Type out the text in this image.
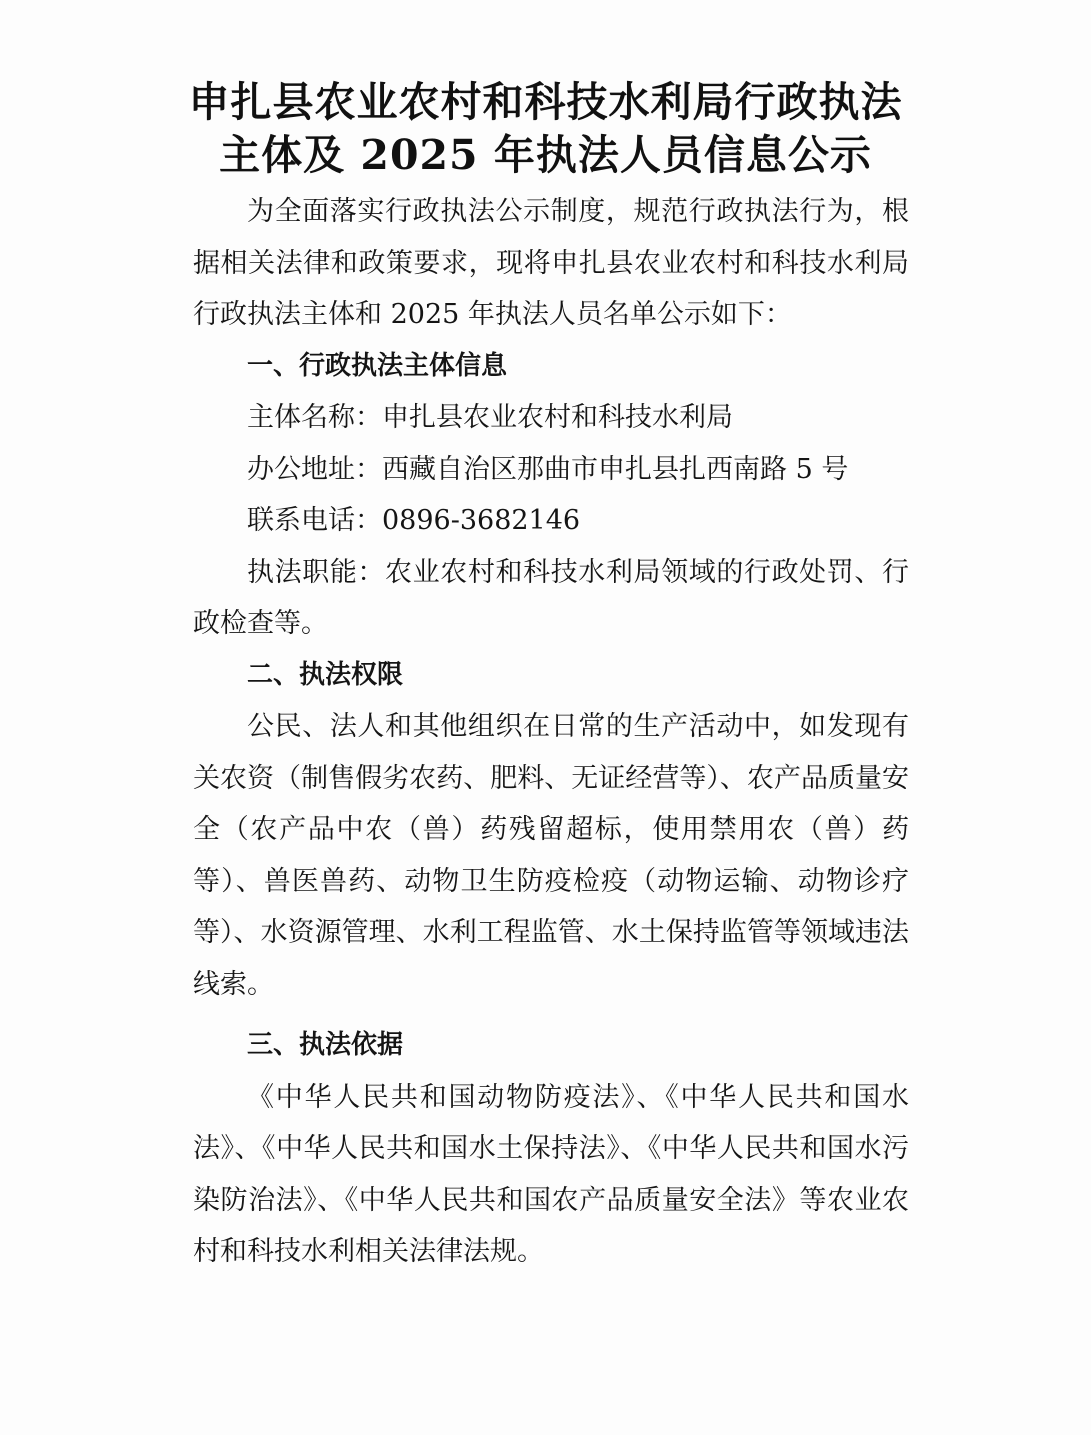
申扎县农业农村和科技水利局行政执法
主体及 2025 年执法人员信息公示

为全面落实行政执法公示制度，规范行政执法行为，根据相关法律和政策要求，现将申扎县农业农村和科技水利局行政执法主体和 2025 年执法人员名单公示如下：

一、行政执法主体信息

主体名称：申扎县农业农村和科技水利局

办公地址：西藏自治区那曲市申扎县扎西南路 5 号

联系电话：0896-3682146

执法职能：农业农村和科技水利局领域的行政处罚、行政检查等。

二、执法权限

公民、法人和其他组织在日常的生产活动中，如发现有关农资（制售假劣农药、肥料、无证经营等）、农产品质量安全（农产品中农（兽）药残留超标，使用禁用农（兽）药等）、兽医兽药、动物卫生防疫检疫（动物运输、动物诊疗等）、水资源管理、水利工程监管、水土保持监管等领域违法线索。

三、执法依据

《中华人民共和国动物防疫法》、《中华人民共和国水法》、《中华人民共和国水土保持法》、《中华人民共和国水污染防治法》、《中华人民共和国农产品质量安全法》等农业农村和科技水利相关法律法规。
